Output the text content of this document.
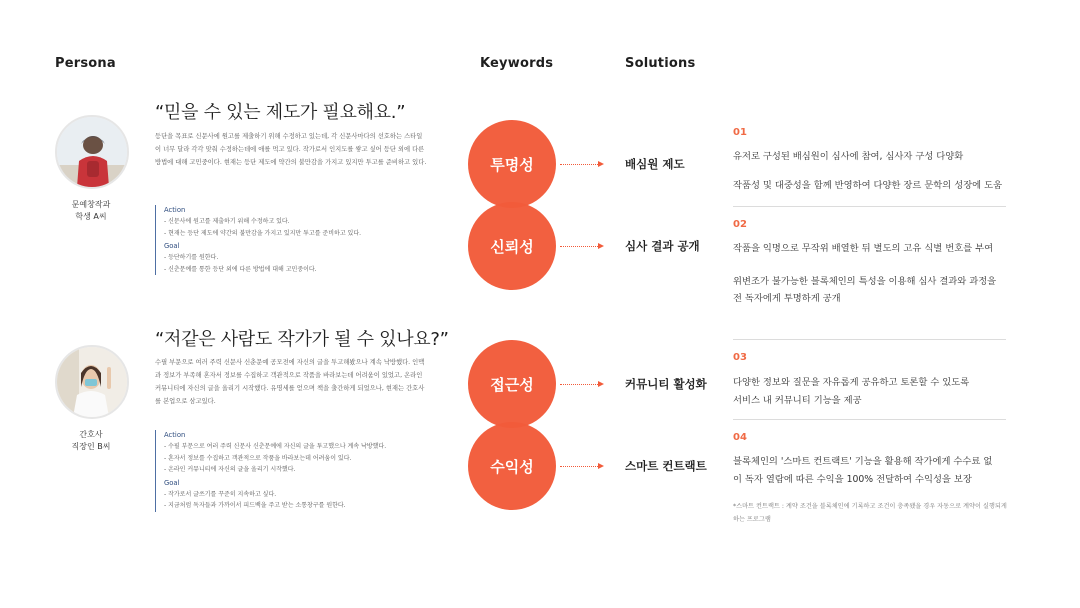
Persona	Keywords	Solutions
문예창작과
학생 A씨
“믿을 수 있는 제도가 필요해요.”
등단을 목표로 신문사에 원고를 제출하기 위해 수정하고 있는데, 각 신문사마다의 선호하는 스타일이 너무 달라 각각 맞춰 수정하는데에 애를 먹고 있다. 작가로서 인지도를 쌓고 싶어 등단 외에 다른 방법에 대해 고민중이다. 현재는 등단 제도에 약간의 불만감을 가지고 있지만 투고를 준비하고 있다.
Action
- 신문사에 원고를 제출하기 위해 수정하고 있다.
- 현재는 등단 제도에 약간의 불만감을 가지고 있지만 투고를 준비하고 있다.
Goal
- 등단하기를 원한다.
- 신춘문예를 통한 등단 외에 다른 방법에 대해 고민중이다.
간호사
직장인 B씨
“저같은 사람도 작가가 될 수 있나요?”
수필 부문으로 여러 주력 신문사 신춘문예 공모전에 자신의 글을 투고해봤으나 계속 낙방했다. 인맥과 정보가 부족해 혼자서 정보를 수집하고 객관적으로 작품을 바라보는데 어려움이 있었고, 온라인 커뮤니티에 자신의 글을 올리기 시작했다. 유명세를 얻으며 책을 출간하게 되었으나, 현재는 간호사를 본업으로 삼고있다.
Action
- 수필 부문으로 여러 주력 신문사 신춘문예에 자신의 글을 투고했으나 계속 낙방했다.
- 혼자서 정보를 수집하고 객관적으로 작품을 바라보는데 어려움이 있다.
- 온라인 커뮤니티에 자신의 글을 올리기 시작했다.
Goal
- 작가로서 글쓰기를 꾸준히 지속하고 싶다.
- 지금처럼 독자들과 가까이서 피드백을 주고 받는 소통창구를 원한다.
투명성
신뢰성
접근성
수익성
배심원 제도
심사 결과 공개
커뮤니티 활성화
스마트 컨트랙트
01
유저로 구성된 배심원이 심사에 참여, 심사자 구성 다양화
작품성 및 대중성을 함께 반영하여 다양한 장르 문학의 성장에 도움
02
작품을 익명으로 무작위 배열한 뒤 별도의 고유 식별 번호를 부여
위변조가 불가능한 블록체인의 특성을 이용해 심사 결과와 과정을
전 독자에게 투명하게 공개
03
다양한 정보와 질문을 자유롭게 공유하고 토론할 수 있도록
서비스 내 커뮤니티 기능을 제공
04
블록체인의 '스마트 컨트랙트' 기능을 활용해 작가에게 수수료 없
이 독자 열람에 따른 수익을 100% 전달하여 수익성을 보장
*스마트 컨트랙트 : 계약 조건을 블록체인에 기록하고 조건이 충족됐을 경우 자동으로 계약이 실행되게 하는 프로그램
